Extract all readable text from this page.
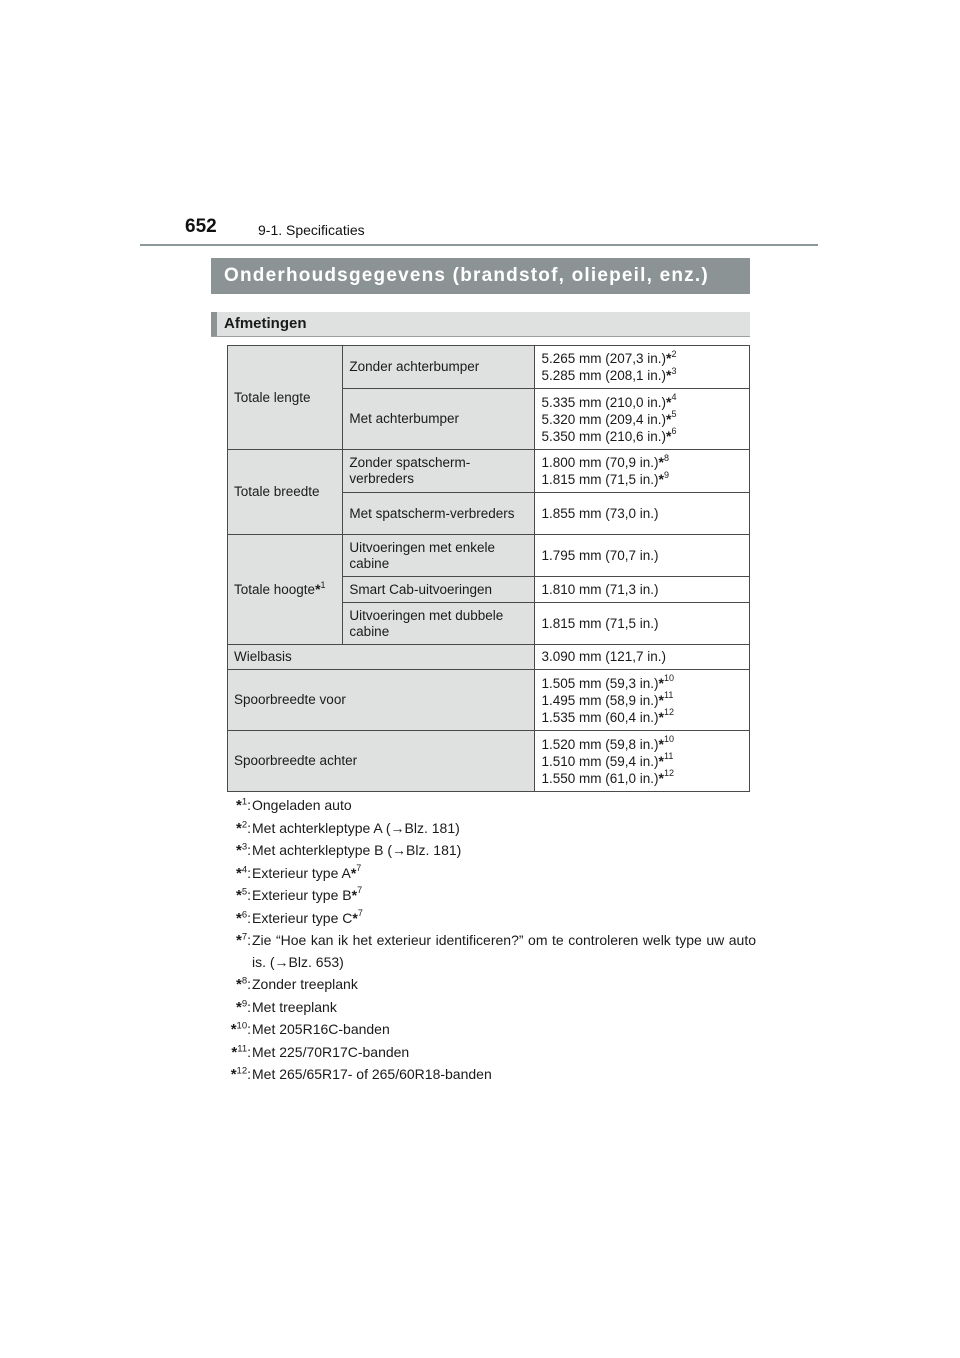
652	9-1. Specificaties
Onderhoudsgegevens (brandstof, oliepeil, enz.)
Afmetingen
Totale lengte	Zonder achterbumper	5.265 mm (207,3 in.)*$^2$
5.285 mm (208,1 in.)*$^3$

	Met achterbumper	5.335 mm (210,0 in.)*$^4$
5.320 mm (209,4 in.)*$^5$
5.350 mm (210,6 in.)*$^6$

Totale breedte	Zonder spatscherm-verbreders	1.800 mm (70,9 in.)*$^8$
1.815 mm (71,5 in.)*$^9$

	Met spatscherm-verbreders	1.855 mm (73,0 in.)
Totale hoogte*$^1$	Uitvoeringen met enkele cabine	1.795 mm (70,7 in.)
	Smart Cab-uitvoeringen	1.810 mm (71,3 in.)
	Uitvoeringen met dubbele cabine	1.815 mm (71,5 in.)
Wielbasis		3.090 mm (121,7 in.)
Spoorbreedte voor		1.505 mm (59,3 in.)*$^{10}$
1.495 mm (58,9 in.)*$^{11}$
1.535 mm (60,4 in.)*$^{12}$

Spoorbreedte achter		1.520 mm (59,8 in.)*$^{10}$
1.510 mm (59,4 in.)*$^{11}$
1.550 mm (61,0 in.)*$^{12}$
*$^1$: Ongeladen auto
*$^2$: Met achterkleptype A (→Blz. 181)
*$^3$: Met achterkleptype B (→Blz. 181)
*$^4$: Exterieur type A*$^7$
*$^5$: Exterieur type B*$^7$
*$^6$: Exterieur type C*$^7$
*$^7$: Zie “Hoe kan ik het exterieur identificeren?” om te controleren welk type uw auto is. (→Blz. 653)
*$^8$: Zonder treeplank
*$^9$: Met treeplank
*$^{10}$: Met 205R16C-banden
*$^{11}$: Met 225/70R17C-banden
*$^{12}$: Met 265/65R17- of 265/60R18-banden
